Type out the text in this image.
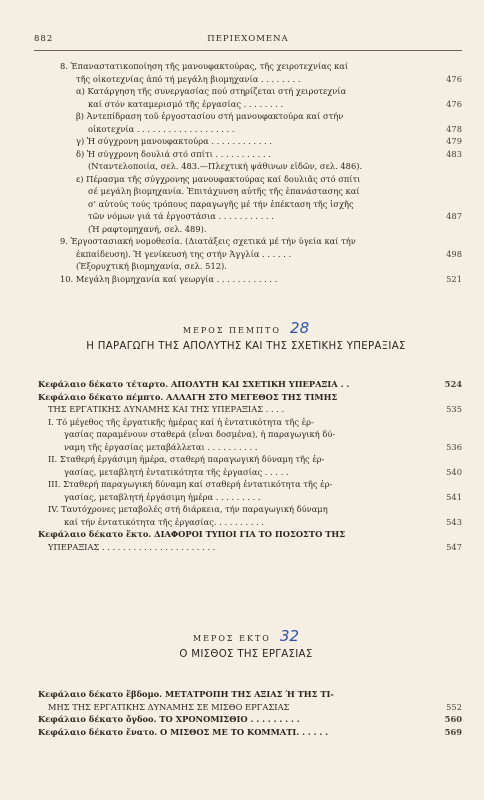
882	ΠΕΡΙΕΧΟΜΕΝΑ
8. Ἐπαναστατικοποίηση τῆς μανουφακτούρας, τῆς χειροτεχνίας καί
τῆς οἰκοτεχνίας ἀπό τή μεγάλη βιομηχανία . . . . . . . .	476
α) Κατάργηση τῆς συνεργασίας πού στηρίζεται στή χειροτεχνία
καί στόν καταμερισμό τῆς ἐργασίας . . . . . . . .	476
β) Ἀντεπίδραση τοῦ ἐργοστασίου στή μανουφακτούρα καί στήν
οἰκοτεχνία . . . . . . . . . . . . . . . . . . .	478
γ) Ἡ σύγχρονη μανουφακτούρα . . . . . . . . . . . .	479
δ) Ἡ σύγχρονη δουλιά στό σπίτι . . . . . . . . . . .	483
(Νταντελοποιία, σελ. 483.—Πλεχτική ψάθινων εἰδῶν, σελ. 486).
ε) Πέρασμα τῆς σύγχρονης μανουφακτούρας καί δουλιᾶς στό σπίτι
σέ μεγάλη βιομηχανία. Ἐπιτάχυνση αὐτῆς τῆς ἐπανάστασης καί
σ' αὐτούς τούς τρόπους παραγωγῆς μέ τήν ἐπέκταση τῆς ἰσχῆς
τῶν νόμων γιά τά ἐργοστάσια . . . . . . . . . . .	487
(Ἡ ραφτομηχανή, σελ. 489).
9. Ἐργοστασιακή νομοθεσία. (Διατάξεις σχετικά μέ τήν ὑγεία καί τήν
ἐκπαίδευση). Ἡ γενίκευσή της στήν Ἀγγλία . . . . . .	498
(Ἐξορυχτική βιομηχανία, σελ. 512).
10. Μεγάλη βιομηχανία καί γεωργία . . . . . . . . . . . .	521
ΜΕΡΟΣ ΠΕΜΠΤΟ 28
Η ΠΑΡΑΓΩΓΗ ΤΗΣ ΑΠΟΛΥΤΗΣ ΚΑΙ ΤΗΣ ΣΧΕΤΙΚΗΣ ΥΠΕΡΑΞΙΑΣ
Κεφάλαιο δέκατο τέταρτο. ΑΠΟΛΥΤΗ ΚΑΙ ΣΧΕΤΙΚΗ ΥΠΕΡΑΞΙΑ . .	524
Κεφάλαιο δέκατο πέμπτο. ΑΛΛΑΓΗ ΣΤΟ ΜΕΓΕΘΟΣ ΤΗΣ ΤΙΜΗΣ
ΤΗΣ ΕΡΓΑΤΙΚΗΣ ΔΥΝΑΜΗΣ ΚΑΙ ΤΗΣ ΥΠΕΡΑΞΙΑΣ . . . .	535
I. Τό μέγεθος τῆς ἐργατικῆς ἡμέρας καί ἡ ἐντατικότητα τῆς ἐρ-
γασίας παραμένουν σταθερά (εἶναι δοσμένα), ἡ παραγωγική δύ-
ναμη τῆς ἐργασίας μεταβάλλεται . . . . . . . . . .	536
II. Σταθερή ἐργάσιμη ἡμέρα, σταθερή παραγωγική δύναμη τῆς ἐρ-
γασίας, μεταβλητή ἐντατικότητα τῆς ἐργασίας . . . . .	540
III. Σταθερή παραγωγική δύναμη καί σταθερή ἐντατικότητα τῆς ἐρ-
γασίας, μεταβλητή ἐργάσιμη ἡμέρα . . . . . . . . .	541
IV. Ταυτόχρονες μεταβολές στή διάρκεια, τήν παραγωγική δύναμη
καί τήν ἐντατικότητα τῆς ἐργασίας. . . . . . . . . .	543
Κεφάλαιο δέκατο ἕκτο. ΔΙΑΦΟΡΟΙ ΤΥΠΟΙ ΓΙΑ ΤΟ ΠΟΣΟΣΤΟ ΤΗΣ
ΥΠΕΡΑΞΙΑΣ . . . . . . . . . . . . . . . . . . . . . .	547
ΜΕΡΟΣ ΕΚΤΟ 32
Ο ΜΙΣΘΟΣ ΤΗΣ ΕΡΓΑΣΙΑΣ
Κεφάλαιο δέκατο ἕβδομο. ΜΕΤΑΤΡΟΠΗ ΤΗΣ ΑΞΙΑΣ Ή ΤΗΣ ΤΙ-
ΜΗΣ ΤΗΣ ΕΡΓΑΤΙΚΗΣ ΔΥΝΑΜΗΣ ΣΕ ΜΙΣΘΟ ΕΡΓΑΣΙΑΣ	552
Κεφάλαιο δέκατο ὄγδοο. ΤΟ ΧΡΟΝΟΜΙΣΘΙΟ . . . . . . . . .	560
Κεφάλαιο δέκατο ἔνατο. Ο ΜΙΣΘΟΣ ΜΕ ΤΟ ΚΟΜΜΑΤΙ. . . . . .	569
